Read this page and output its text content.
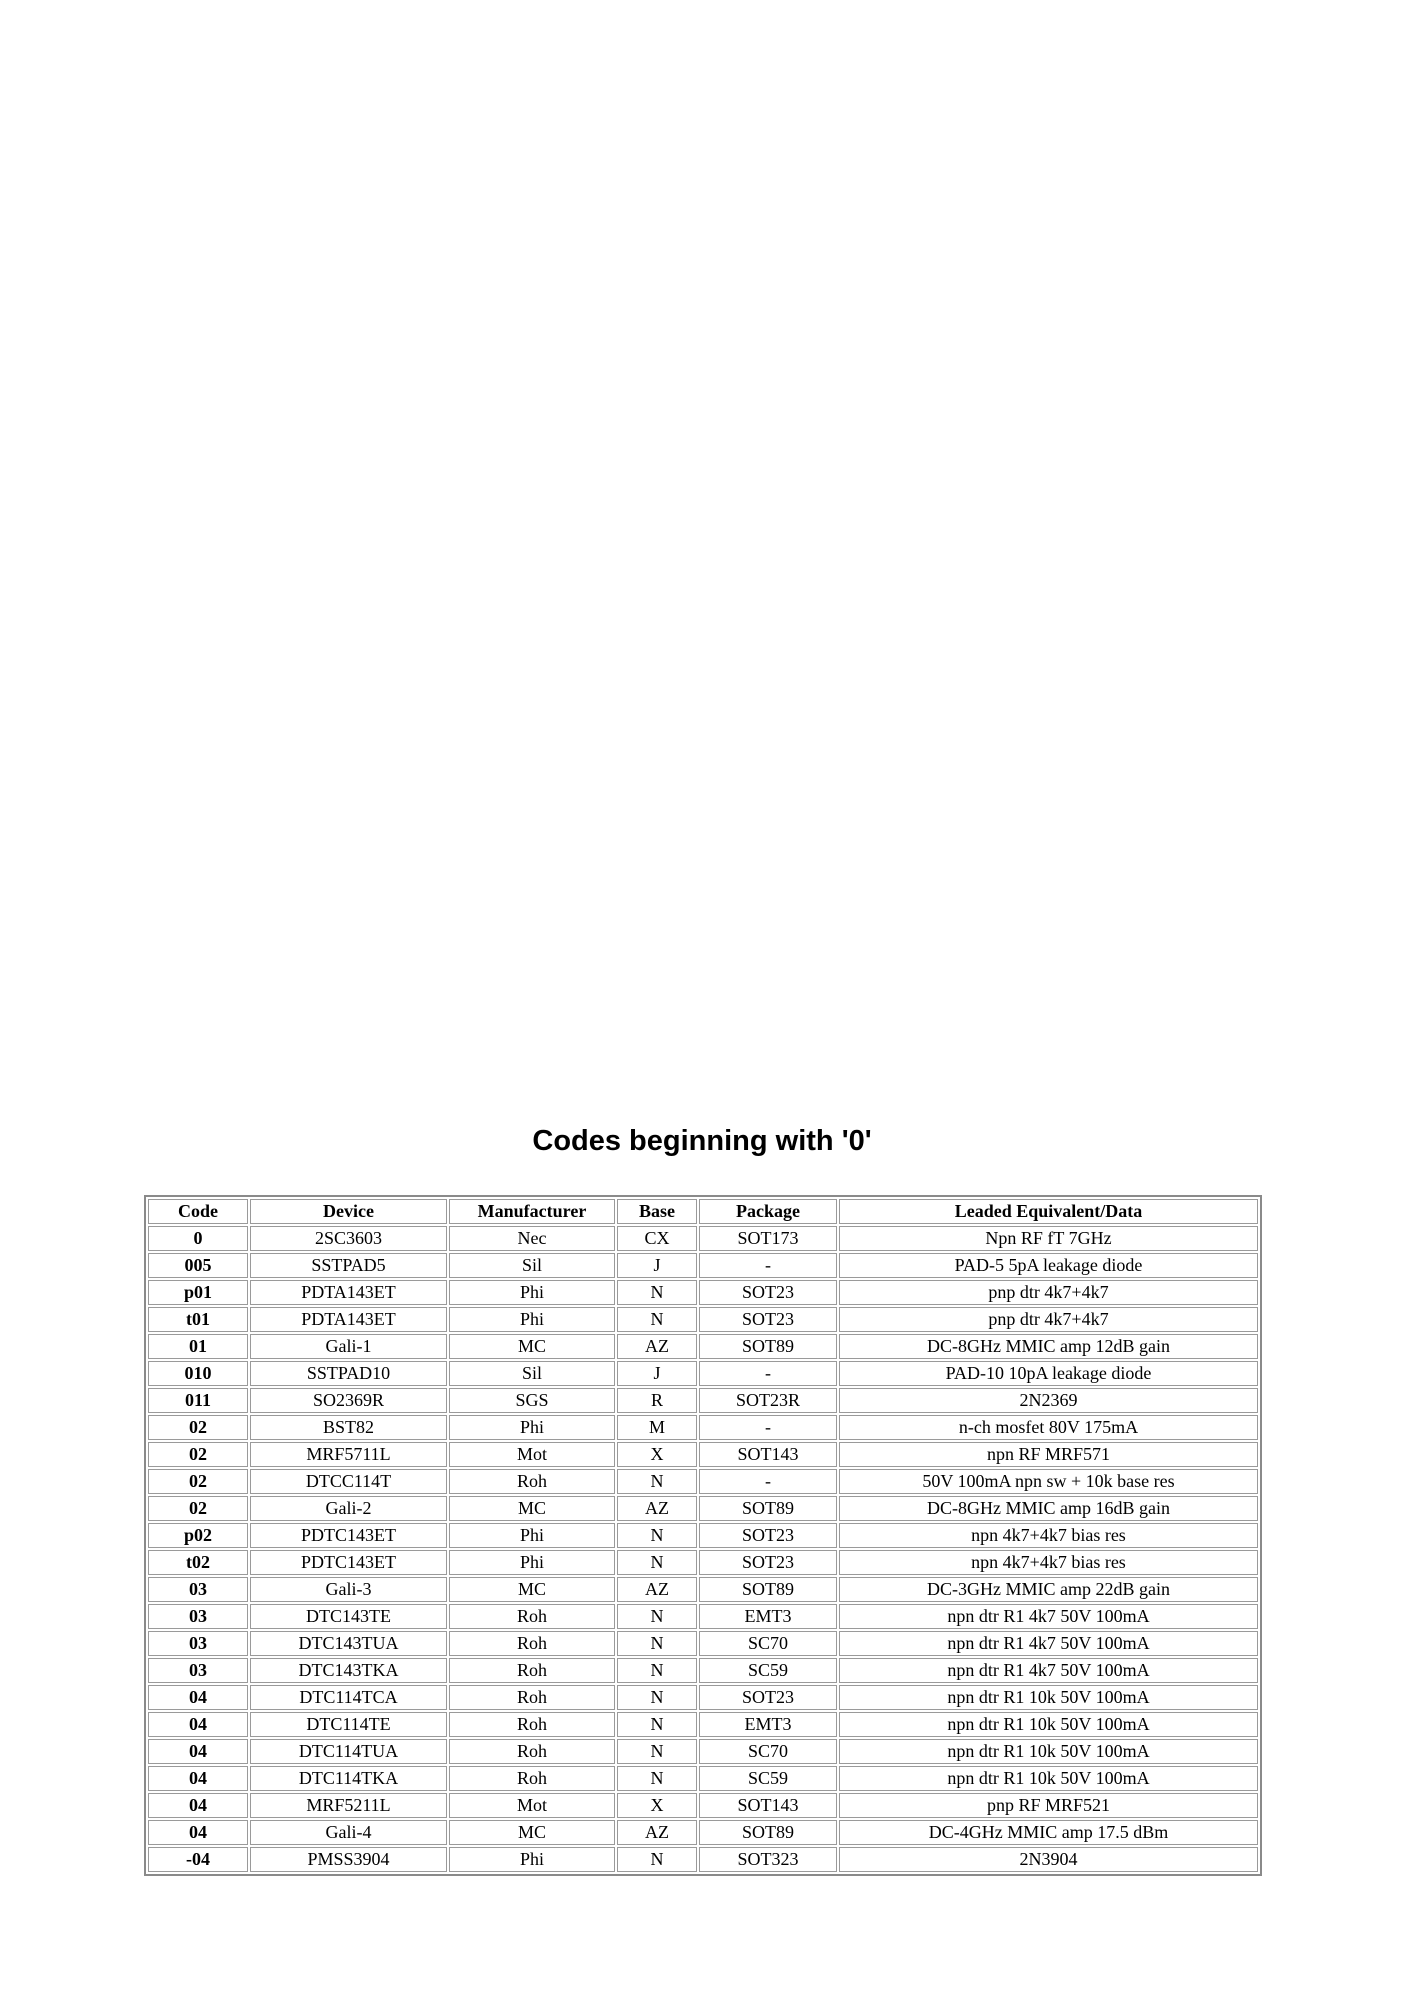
Codes beginning with '0'
Code	Device	Manufacturer	Base	Package	Leaded Equivalent/Data
0	2SC3603	Nec	CX	SOT173	Npn RF fT 7GHz
005	SSTPAD5	Sil	J	-	PAD-5 5pA leakage diode
p01	PDTA143ET	Phi	N	SOT23	pnp dtr 4k7+4k7
t01	PDTA143ET	Phi	N	SOT23	pnp dtr 4k7+4k7
01	Gali-1	MC	AZ	SOT89	DC-8GHz MMIC amp 12dB gain
010	SSTPAD10	Sil	J	-	PAD-10 10pA leakage diode
011	SO2369R	SGS	R	SOT23R	2N2369
02	BST82	Phi	M	-	n-ch mosfet 80V 175mA
02	MRF5711L	Mot	X	SOT143	npn RF MRF571
02	DTCC114T	Roh	N	-	50V 100mA npn sw + 10k base res
02	Gali-2	MC	AZ	SOT89	DC-8GHz MMIC amp 16dB gain
p02	PDTC143ET	Phi	N	SOT23	npn 4k7+4k7 bias res
t02	PDTC143ET	Phi	N	SOT23	npn 4k7+4k7 bias res
03	Gali-3	MC	AZ	SOT89	DC-3GHz MMIC amp 22dB gain
03	DTC143TE	Roh	N	EMT3	npn dtr R1 4k7 50V 100mA
03	DTC143TUA	Roh	N	SC70	npn dtr R1 4k7 50V 100mA
03	DTC143TKA	Roh	N	SC59	npn dtr R1 4k7 50V 100mA
04	DTC114TCA	Roh	N	SOT23	npn dtr R1 10k 50V 100mA
04	DTC114TE	Roh	N	EMT3	npn dtr R1 10k 50V 100mA
04	DTC114TUA	Roh	N	SC70	npn dtr R1 10k 50V 100mA
04	DTC114TKA	Roh	N	SC59	npn dtr R1 10k 50V 100mA
04	MRF5211L	Mot	X	SOT143	pnp RF MRF521
04	Gali-4	MC	AZ	SOT89	DC-4GHz MMIC amp 17.5 dBm
-04	PMSS3904	Phi	N	SOT323	2N3904
